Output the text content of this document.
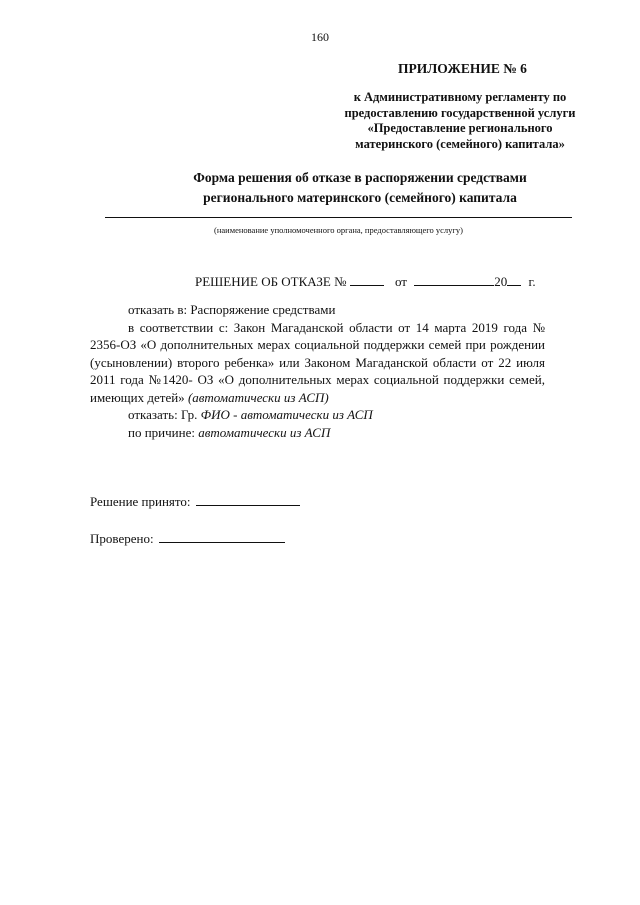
160
ПРИЛОЖЕНИЕ № 6
к Административному регламенту по
предоставлению государственной услуги
«Предоставление регионального
материнского (семейного) капитала»
Форма решения об отказе в распоряжении средствами
регионального материнского (семейного) капитала
(наименование уполномоченного органа, предоставляющего услугу)
РЕШЕНИЕ ОБ ОТКАЗЕ №	от	20 г.
отказать в: Распоряжение средствами
в соответствии с: Закон Магаданской области от 14 марта 2019 года № 2356-ОЗ «О дополнительных мерах социальной поддержки семей при рождении (усыновлении) второго ребенка» или Законом Магаданской области от 22 июля 2011 года №1420- ОЗ «О дополнительных мерах социальной поддержки семей, имеющих детей» (автоматически из АСП)
отказать: Гр. ФИО - автоматически из АСП
по причине: автоматически из АСП
Решение принято:
Проверено:
